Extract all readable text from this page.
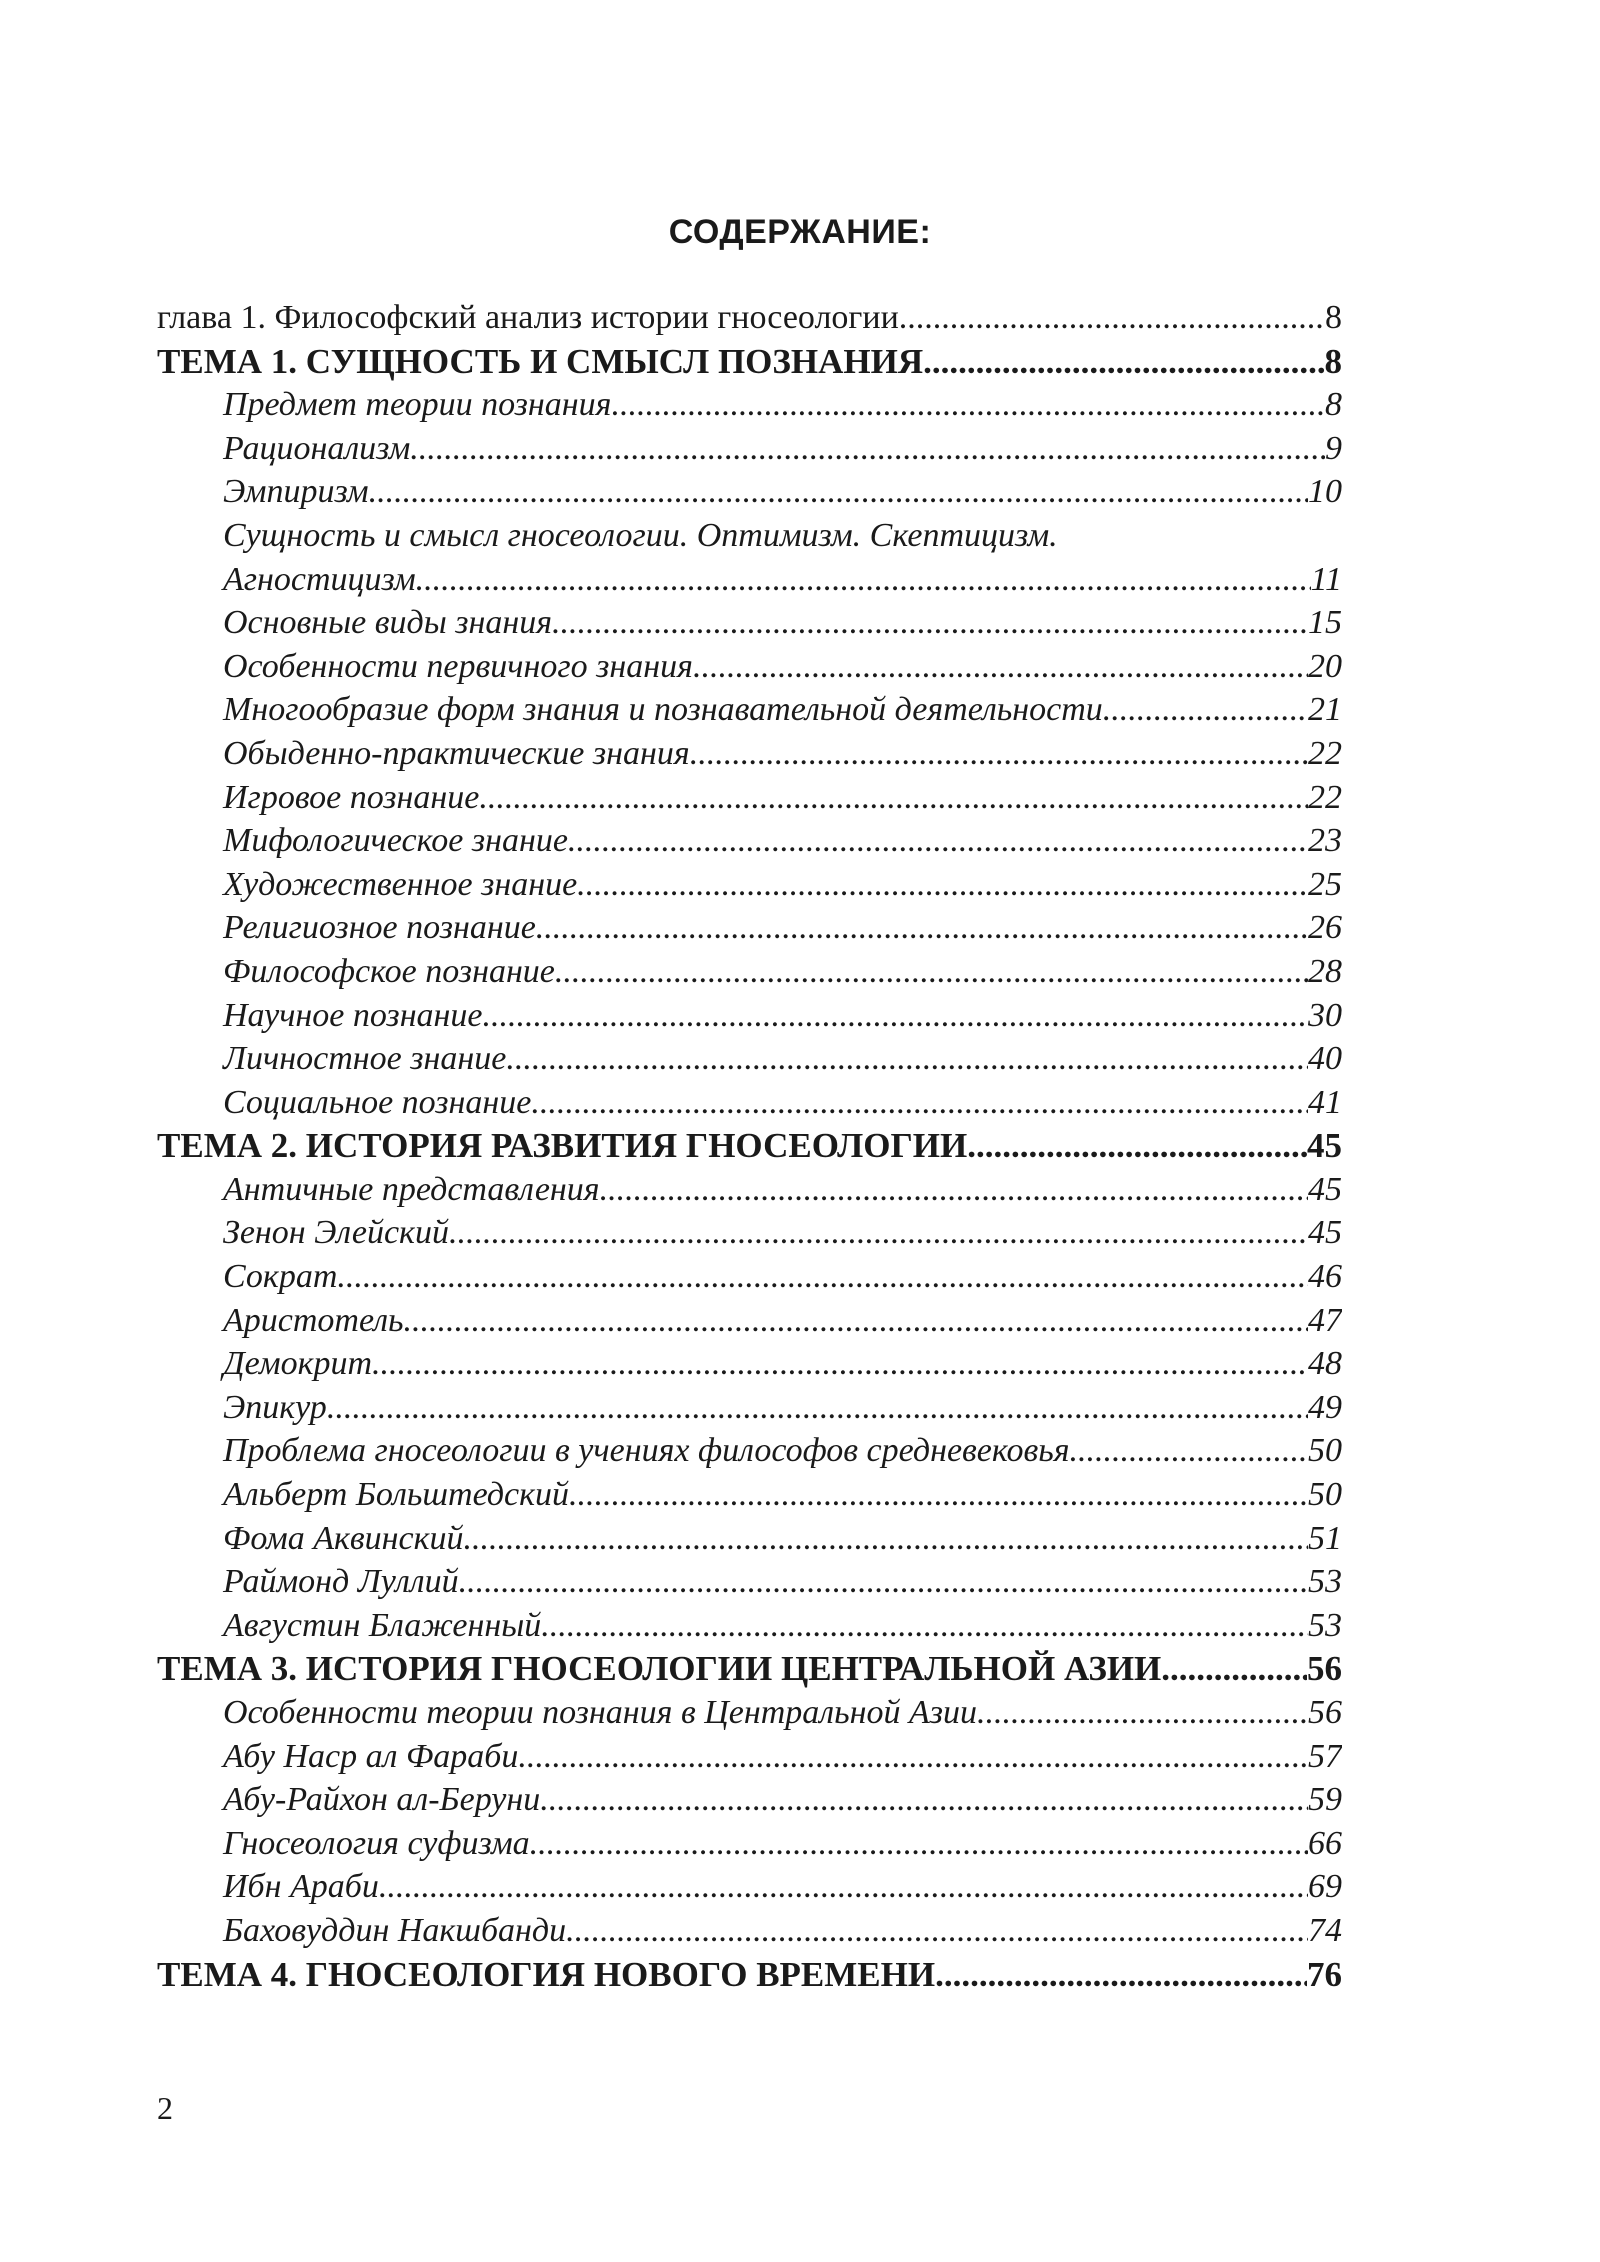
СОДЕРЖАНИЕ:
глава 1. Философский анализ истории гносеологии .....	8
ТЕМА 1. СУЩНОСТЬ И СМЫСЛ ПОЗНАНИЯ .....	8
Предмет теории познания .....	8
Рационализм .....	9
Эмпиризм .....	10
Сущность и смысл гносеологии. Оптимизм. Скептицизм.
Агностицизм .....	11
Основные виды знания .....	15
Особенности первичного знания .....	20
Многообразие форм знания и познавательной деятельности .....	21
Обыденно-практические знания .....	22
Игровое познание .....	22
Мифологическое знание .....	23
Художественное знание .....	25
Религиозное познание .....	26
Философское познание .....	28
Научное познание .....	30
Личностное знание .....	40
Социальное познание .....	41
ТЕМА 2. ИСТОРИЯ РАЗВИТИЯ ГНОСЕОЛОГИИ .....	45
Античные представления .....	45
Зенон Элейский .....	45
Сократ .....	46
Аристотель .....	47
Демокрит .....	48
Эпикур .....	49
Проблема гносеологии в учениях философов средневековья .....	50
Альберт Больштедский .....	50
Фома Аквинский .....	51
Раймонд Луллий .....	53
Августин Блаженный .....	53
ТЕМА 3. ИСТОРИЯ ГНОСЕОЛОГИИ ЦЕНТРАЛЬНОЙ АЗИИ .....	56
Особенности теории познания в Центральной Азии .....	56
Абу Наср ал Фараби .....	57
Абу-Райхон ал-Беруни .....	59
Гносеология суфизма .....	66
Ибн Араби .....	69
Баховуддин Накшбанди .....	74
ТЕМА 4. ГНОСЕОЛОГИЯ НОВОГО ВРЕМЕНИ .....	76
2
